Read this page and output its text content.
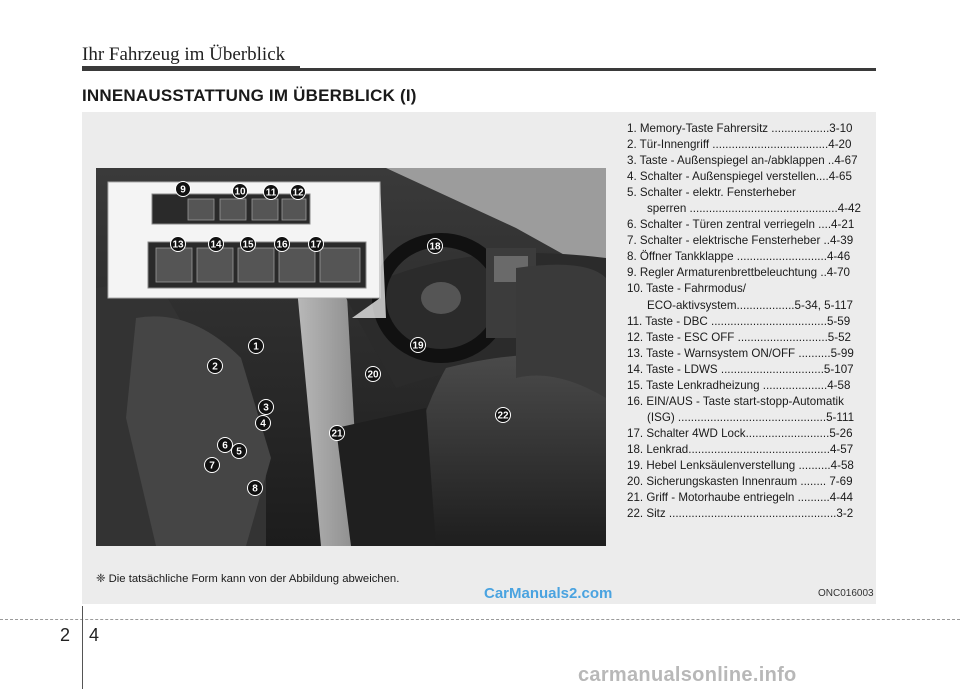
Ihr Fahrzeug im Überblick
INNENAUSSTATTUNG IM ÜBERBLICK (I)
1
2
3
4
5
6
7
8
9	10 11 12
13	14 15 16 17	18
19
20
21
22
1. Memory-Taste Fahrersitz ..................3-10
2. Tür-Innengriff ....................................4-20
3. Taste - Außenspiegel an-/abklappen ..4-67
4. Schalter - Außenspiegel verstellen....4-65
5. Schalter - elektr. Fensterheber
sperren ..............................................4-42
6. Schalter - Türen zentral verriegeln ....4-21
7. Schalter - elektrische Fensterheber ..4-39
8. Öffner Tankklappe ............................4-46
9. Regler Armaturenbrettbeleuchtung ..4-70
10. Taste - Fahrmodus/
ECO-aktivsystem..................5-34, 5-117
11. Taste - DBC ....................................5-59
12. Taste - ESC OFF ............................5-52
13. Taste - Warnsystem ON/OFF ..........5-99
14. Taste - LDWS ................................5-107
15. Taste Lenkradheizung ....................4-58
16. EIN/AUS - Taste start-stopp-Automatik
(ISG) ..............................................5-111
17. Schalter 4WD Lock..........................5-26
18. Lenkrad............................................4-57
19. Hebel Lenksäulenverstellung ..........4-58
20. Sicherungskasten Innenraum ........ 7-69
21. Griff - Motorhaube entriegeln ..........4-44
22. Sitz ....................................................3-2
❈ Die tatsächliche Form kann von der Abbildung abweichen.
ONC016003
CarManuals2.com
2 4
carmanualsonline.info
